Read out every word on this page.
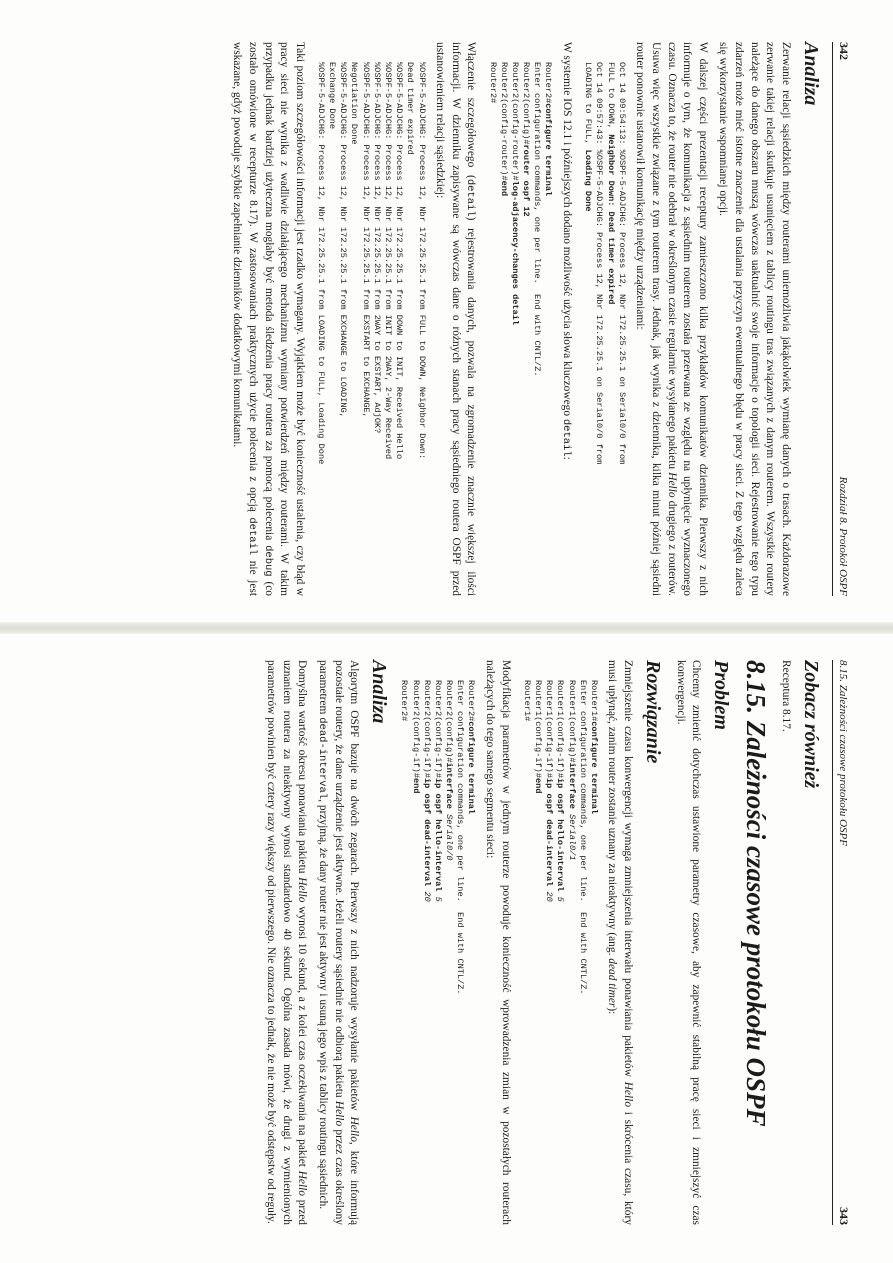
342
Rozdział 8. Protokół OSPF
Analiza

Zerwanie relacji sąsiedzkich między routerami uniemożliwia jakąkolwiek wymianę danych o trasach. Każdorazowe zerwanie takiej relacji skutkuje usunięciem z tablicy routingu tras związanych z danym routerem. Wszystkie routery należące do danego obszaru muszą wówczas uaktualnić swoje informacje o topologii sieci. Rejestrowanie tego typu zdarzeń może mieć istotne znaczenie dla ustalania przyczyn ewentualnego błędu w pracy sieci. Z tego względu zaleca się wykorzystanie wspomnianej opcji.

W dalszej części prezentacji receptury zamieszczono kilka przykładów komunikatów dziennika. Pierwszy z nich informuje o tym, że komunikacja z sąsiednim routerem została przerwana ze względu na upłynięcie wyznaczonego czasu. Oznacza to, że router nie odebrał w określonym czasie regularnie wysyłanego pakietu Hello drugiego z routerów. Usuwa więc wszystkie związane z tym routerem trasy. Jednak, jak wynika z dziennika, kilka minut później sąsiedni router ponownie ustanowił komunikację między urządzeniami:

Oct 14 09:54:13: %OSPF-5-ADJCHG: Process 12, Nbr 172.25.25.1 on Serial0/0 from
FULL to DOWN, Neighbor Down: Dead timer expired
Oct 14 09:57:43: %OSPF-5-ADJCHG: Process 12, Nbr 172.25.25.1 on Serial0/0 from
LOADING to FULL, Loading Done

W systemie IOS 12.1 i późniejszych dodano możliwość użycia słowa kluczowego detail:

Router2#configure terminal
Enter configuration commands, one per line.  End with CNTL/Z.
Router2(config)#router ospf 12
Router2(config-router)#log-adjacency-changes detail
Router2(config-router)#end
Router2#

Włączenie szczegółowego (detail) rejestrowania danych, pozwala na zgromadzenie znacznie większej ilości informacji. W dzienniku zapisywane są wówczas dane o różnych stanach pracy sąsiedniego routera OSPF przed ustanowieniem relacji sąsiedzkiej:

%OSPF-5-ADJCHG: Process 12, Nbr 172.25.25.1 from FULL to DOWN, Neighbor Down:
Dead timer expired
%OSPF-5-ADJCHG: Process 12, Nbr 172.25.25.1 from DOWN to INIT, Received Hello
%OSPF-5-ADJCHG: Process 12, Nbr 172.25.25.1 from INIT to 2WAY, 2-Way Received
%OSPF-5-ADJCHG: Process 12, Nbr 172.25.25.1 from 2WAY to EXSTART, AdjOK?
%OSPF-5-ADJCHG: Process 12, Nbr 172.25.25.1 from EXSTART to EXCHANGE,
Negotiation Done
%OSPF-5-ADJCHG: Process 12, Nbr 172.25.25.1 from EXCHANGE to LOADING,
Exchange Done
%OSPF-5-ADJCHG: Process 12, Nbr 172.25.25.1 from LOADING to FULL, Loading Done

Taki poziom szczegółowości informacji jest rzadko wymagany. Wyjątkiem może być konieczność ustalenia, czy błąd w pracy sieci nie wynika z wadliwie działającego mechanizmu wymiany potwierdzeń między routerami. W takim przypadku jednak bardziej użyteczna mogłaby być metoda śledzenia pracy routera za pomocą polecenia debug (co zostało omówione w recepturze 8.17). W zastosowaniach praktycznych użycie polecenia z opcją detail nie jest wskazane, gdyż powoduje szybkie zapełnianie dzienników dodatkowymi komunikatami.

8.15. Zależności czasowe protokołu OSPF
343
Zobacz również

Receptura 8.17.

8.15. Zależności czasowe protokołu OSPF
Problem

Chcemy zmienić dotychczas ustawione parametry czasowe, aby zapewnić stabilną pracę sieci i zmniejszyć czas konwergencji.

Rozwiązanie

Zmniejszenie czasu konwergencji wymaga zmniejszenia interwału ponawiania pakietów Hello i skrócenia czasu, który musi upłynąć, zanim router zostanie uznany za nieaktywny (ang. dead timer):

Router1#configure terminal
Enter configuration commands, one per line.  End with CNTL/Z.
Router1(config)#interface Serial0/1
Router1(config-if)#ip ospf hello-interval 5
Router1(config-if)#ip ospf dead-interval 20
Router1(config-if)#end
Router1#

Modyfikacja parametrów w jednym routerze powoduje konieczność wprowadzenia zmian w pozostałych routerach należących do tego samego segmentu sieci:

Router2#configure terminal
Enter configuration commands, one per line.  End with CNTL/Z.
Router2(config)#interface Serial0/0
Router2(config-if)#ip ospf hello-interval 5
Router2(config-if)#ip ospf dead-interval 20
Router2(config-if)#end
Router2#
Analiza

Algorytm OSPF bazuje na dwóch zegarach. Pierwszy z nich nadzoruje wysyłanie pakietów Hello, które informują pozostałe routery, że dane urządzenie jest aktywne. Jeżeli routery sąsiednie nie odbiorą pakietu Hello przez czas określony parametrem dead-interval, przyjmą, że dany router nie jest aktywny i usuną jego wpis z tablicy routingu sąsiednich.

Domyślna wartość okresu ponawiania pakietu Hello wynosi 10 sekund, a z kolei czas oczekiwania na pakiet Hello przed uznaniem routera za nieaktywny wynosi standardowo 40 sekund. Ogólna zasada mówi, że drugi z wymienionych parametrów powinien być cztery razy większy od pierwszego. Nie oznacza to jednak, że nie może być odstępstw od reguły.
